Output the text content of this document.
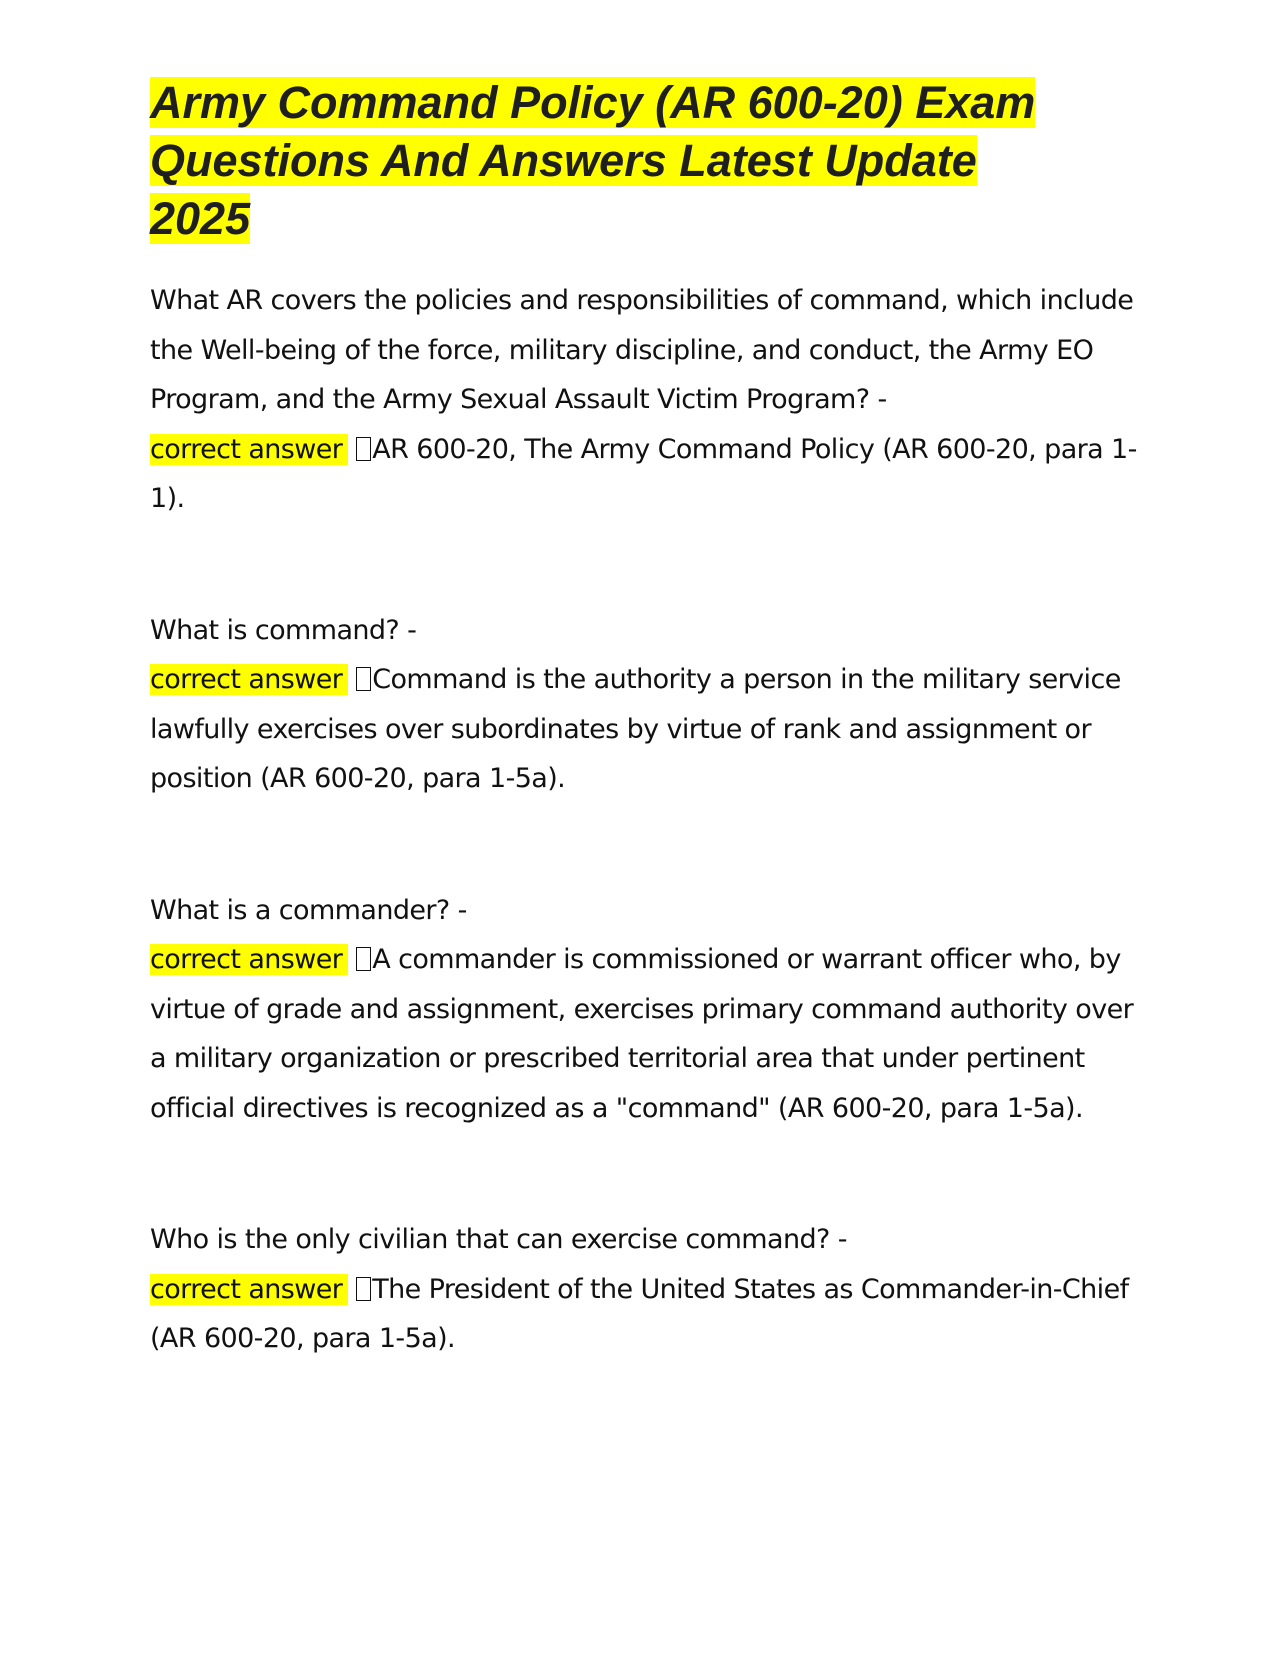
Army Command Policy (AR 600-20) Exam Questions And Answers Latest Update 2025

What AR covers the policies and responsibilities of command, which include the Well-being of the force, military discipline, and conduct, the Army EO Program, and the Army Sexual Assault Victim Program? -

correct answer AR 600-20, The Army Command Policy (AR 600-20, para 1-1).

What is command? -

correct answer Command is the authority a person in the military service lawfully exercises over subordinates by virtue of rank and assignment or position (AR 600-20, para 1-5a).

What is a commander? -

correct answer A commander is commissioned or warrant officer who, by virtue of grade and assignment, exercises primary command authority over a military organization or prescribed territorial area that under pertinent official directives is recognized as a "command" (AR 600-20, para 1-5a).

Who is the only civilian that can exercise command? -

correct answer The President of the United States as Commander-in-Chief (AR 600-20, para 1-5a).
